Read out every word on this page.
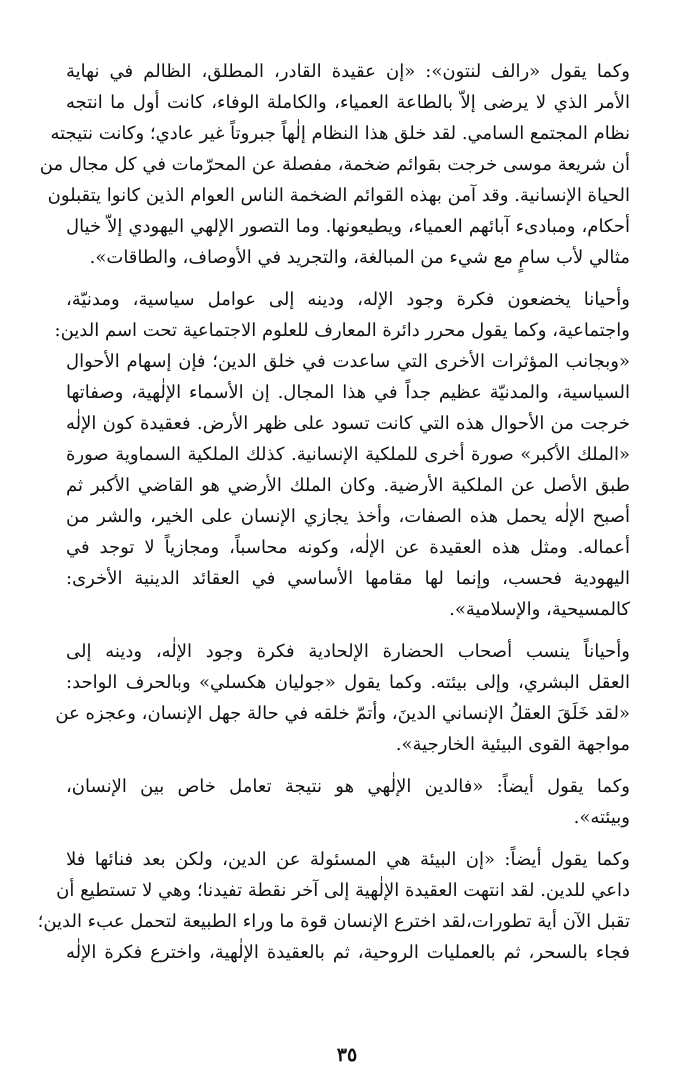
وكما يقول «رالف لنتون»: «إن عقيدة القادر، المطلق، الظالم في نهاية
الأمر الذي لا يرضى إلاّ بالطاعة العمياء، والكاملة الوفاء، كانت أول ما انتجه
نظام المجتمع السامي. لقد خلق هذا النظام إلٰهاً جبروتاً غير عادي؛ وكانت نتيجته
أن شريعة موسى خرجت بقوائم ضخمة، مفصلة عن المحرّمات في كل مجال من
الحياة الإنسانية. وقد آمن بهذه القوائم الضخمة الناس العوام الذين كانوا يتقبلون
أحكام، ومبادىء آبائهم العمياء، ويطيعونها. وما التصور الإلهي اليهودي إلاّ خيال
مثالي لأب سامٍ مع شيء من المبالغة، والتجريد في الأوصاف، والطاقات».
وأحيانا يخضعون فكرة وجود الإله، ودينه إلى عوامل سياسية، ومدنيّة،
واجتماعية، وكما يقول محرر دائرة المعارف للعلوم الاجتماعية تحت اسم الدين:
«وبجانب المؤثرات الأخرى التي ساعدت في خلق الدين؛ فإن إسهام الأحوال
السياسية، والمدنيّة عظيم جداً في هذا المجال. إن الأسماء الإلٰهية، وصفاتها
خرجت من الأحوال هذه التي كانت تسود على ظهر الأرض. فعقيدة كون الإلٰه
«الملك الأكبر» صورة أخرى للملكية الإنسانية. كذلك الملكية السماوية صورة
طبق الأصل عن الملكية الأرضية. وكان الملك الأرضي هو القاضي الأكبر ثم
أصبح الإلٰه يحمل هذه الصفات، وأخذ يجازي الإنسان على الخير، والشر من
أعماله. ومثل هذه العقيدة عن الإلٰه، وكونه محاسباً، ومجازياً لا توجد في
اليهودية فحسب، وإنما لها مقامها الأساسي في العقائد الدينية الأخرى:
كالمسيحية، والإسلامية».
وأحياناً ينسب أصحاب الحضارة الإلحادية فكرة وجود الإلٰه، ودينه إلى
العقل البشري، وإلى بيئته. وكما يقول «جوليان هكسلي» وبالحرف الواحد:
«لقد خَلَقَ العقلُ الإنساني الدينَ، وأتمّ خلقه في حالة جهل الإنسان، وعجزه عن
مواجهة القوى البيئية الخارجية».
وكما يقول أيضاً: «فالدين الإلٰهي هو نتيجة تعامل خاص بين الإنسان،
وبيئته».
وكما يقول أيضاً: «إن البيئة هي المسئولة عن الدين، ولكن بعد فنائها فلا
داعي للدين. لقد انتهت العقيدة الإلٰهية إلى آخر نقطة تفيدنا؛ وهي لا تستطيع أن
تقبل الآن أية تطورات،لقد اخترع الإنسان قوة ما وراء الطبيعة لتحمل عبء الدين؛
فجاء بالسحر، ثم بالعمليات الروحية، ثم بالعقيدة الإلٰهية، واخترع فكرة الإلٰه
٣٥
